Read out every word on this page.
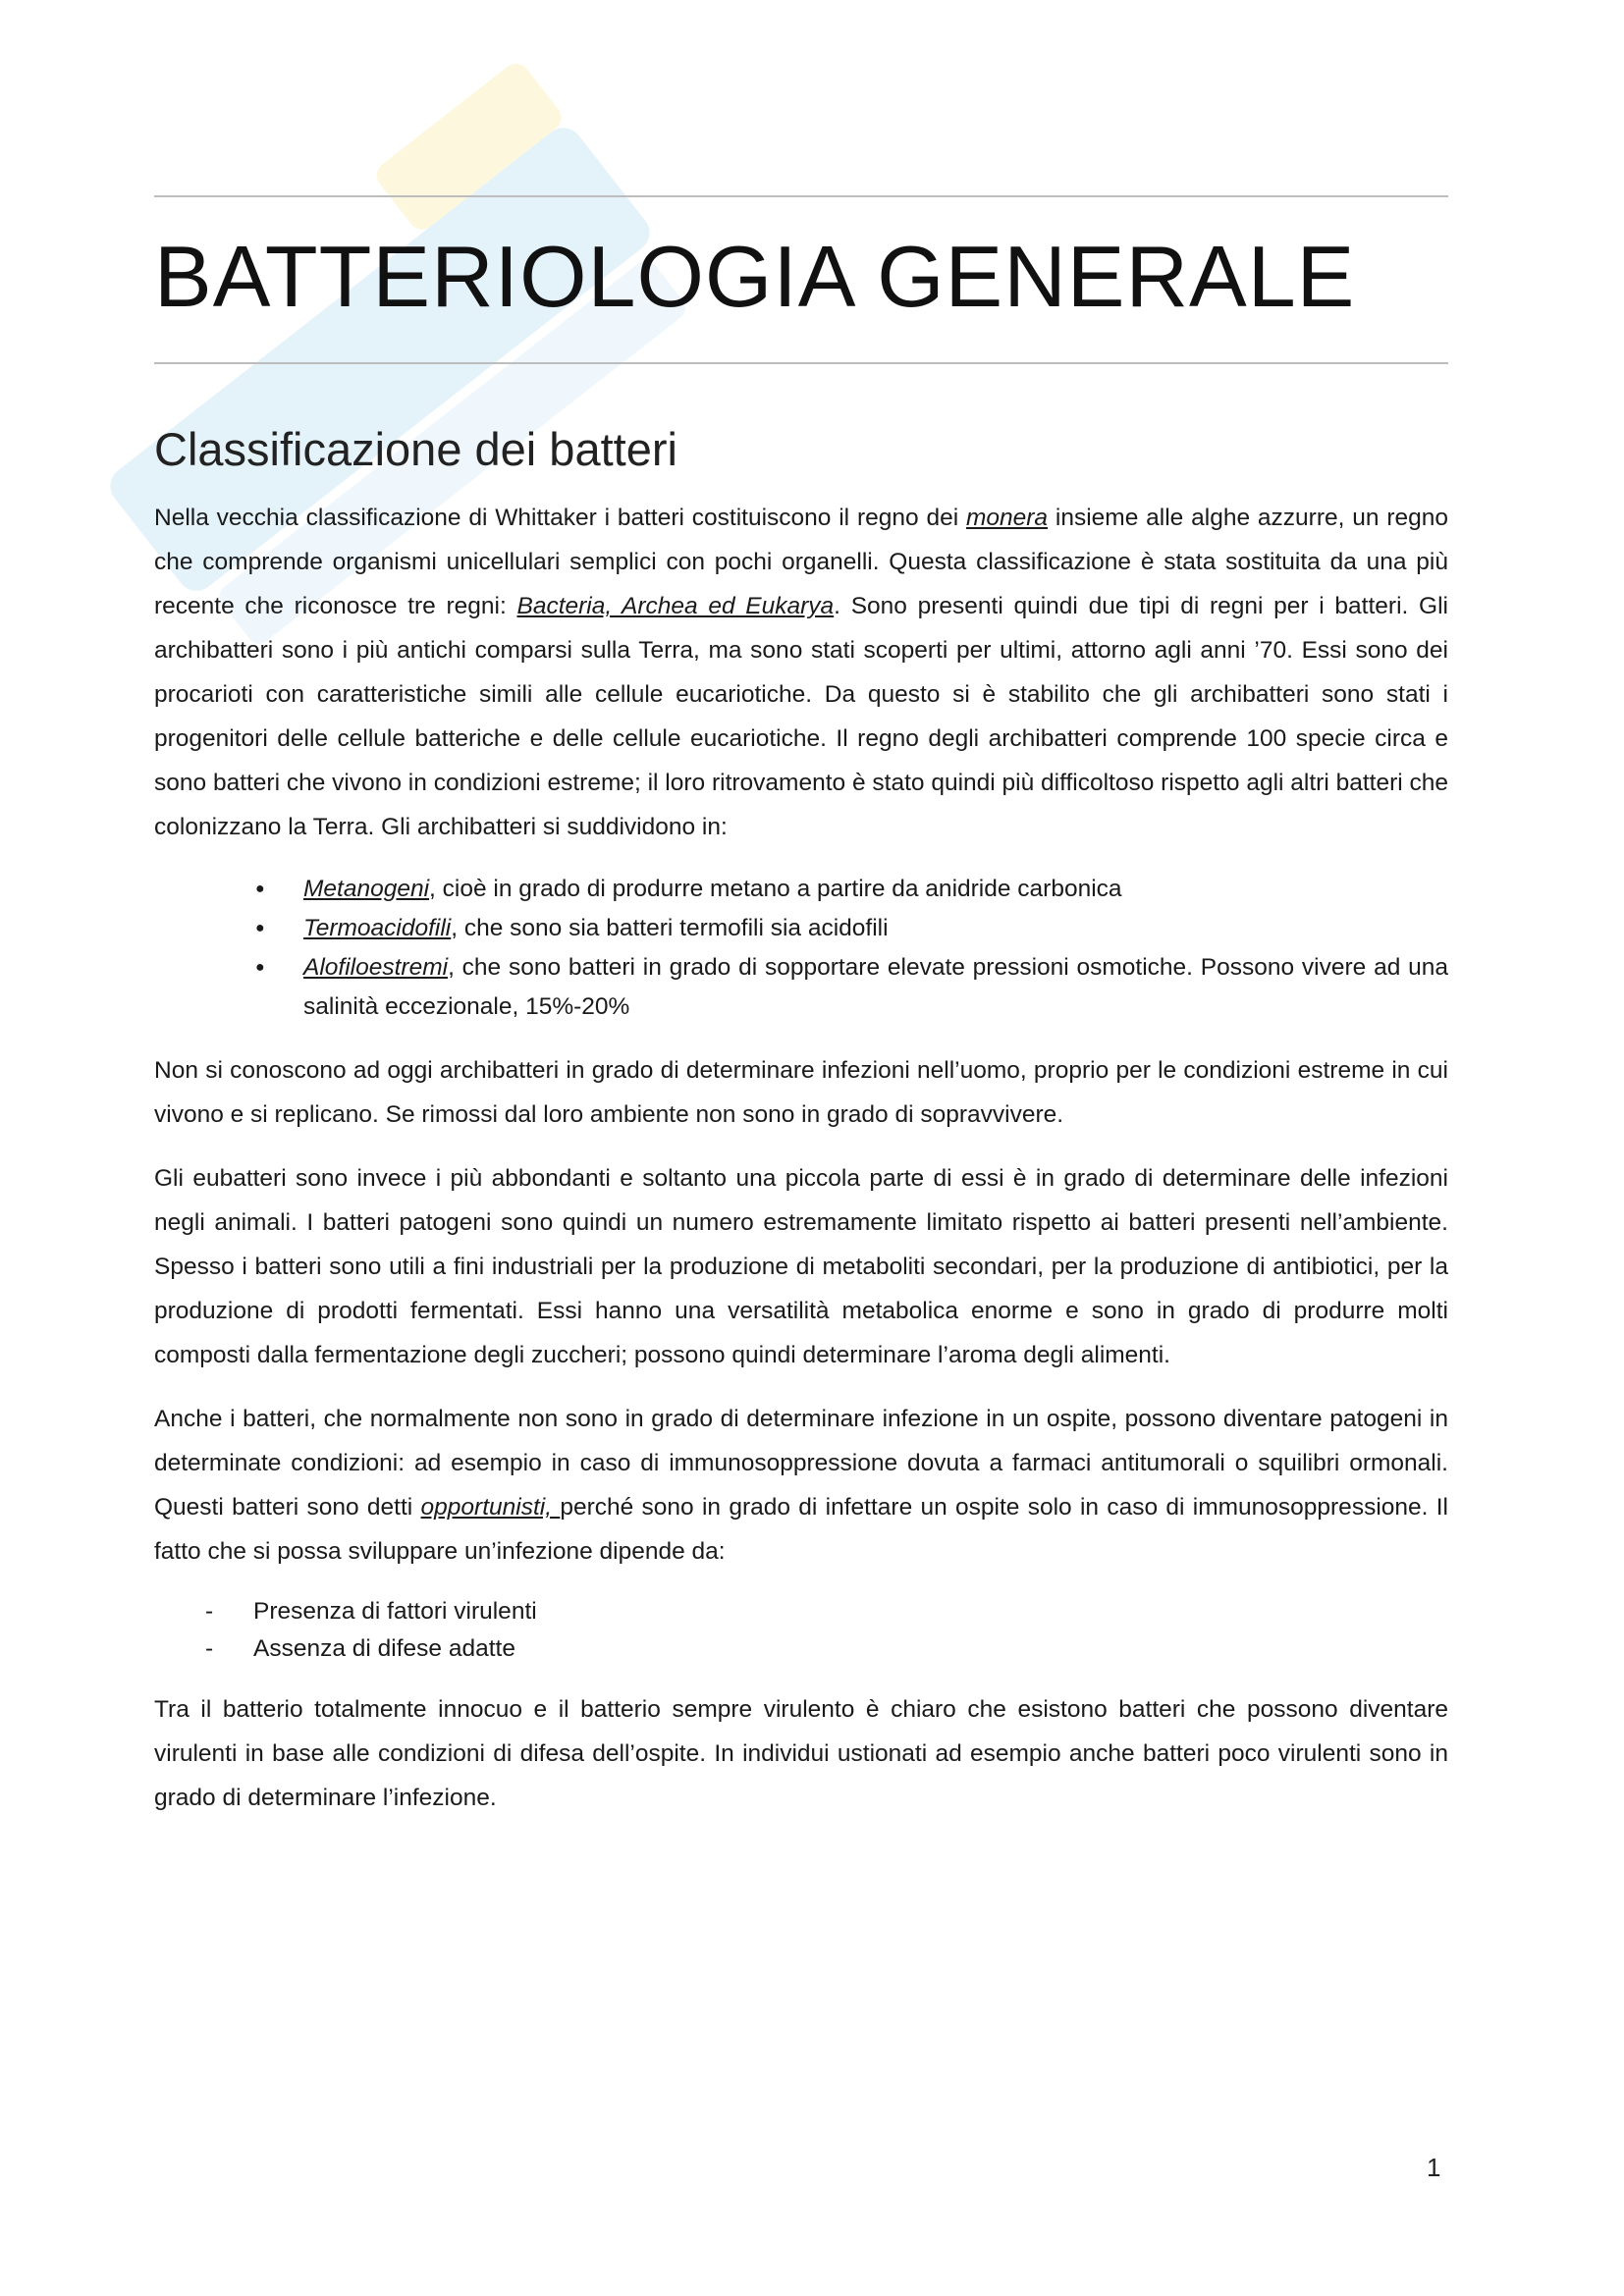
BATTERIOLOGIA GENERALE
Classificazione dei batteri

Nella vecchia classificazione di Whittaker i batteri costituiscono il regno dei monera insieme alle alghe azzurre, un regno che comprende organismi unicellulari semplici con pochi organelli. Questa classificazione è stata sostituita da una più recente che riconosce tre regni: Bacteria, Archea ed Eukarya. Sono presenti quindi due tipi di regni per i batteri. Gli archibatteri sono i più antichi comparsi sulla Terra, ma sono stati scoperti per ultimi, attorno agli anni ’70. Essi sono dei procarioti con caratteristiche simili alle cellule eucariotiche. Da questo si è stabilito che gli archibatteri sono stati i progenitori delle cellule batteriche e delle cellule eucariotiche. Il regno degli archibatteri comprende 100 specie circa e sono batteri che vivono in condizioni estreme; il loro ritrovamento è stato quindi più difficoltoso rispetto agli altri batteri che colonizzano la Terra. Gli archibatteri si suddividono in:

● Metanogeni, cioè in grado di produrre metano a partire da anidride carbonica
● Termoacidofili, che sono sia batteri termofili sia acidofili
● Alofiloestremi, che sono batteri in grado di sopportare elevate pressioni osmotiche. Possono vivere ad una salinità eccezionale, 15%-20%

Non si conoscono ad oggi archibatteri in grado di determinare infezioni nell’uomo, proprio per le condizioni estreme in cui vivono e si replicano. Se rimossi dal loro ambiente non sono in grado di sopravvivere.

Gli eubatteri sono invece i più abbondanti e soltanto una piccola parte di essi è in grado di determinare delle infezioni negli animali. I batteri patogeni sono quindi un numero estremamente limitato rispetto ai batteri presenti nell’ambiente. Spesso i batteri sono utili a fini industriali per la produzione di metaboliti secondari, per la produzione di antibiotici, per la produzione di prodotti fermentati. Essi hanno una versatilità metabolica enorme e sono in grado di produrre molti composti dalla fermentazione degli zuccheri; possono quindi determinare l’aroma degli alimenti.

Anche i batteri, che normalmente non sono in grado di determinare infezione in un ospite, possono diventare patogeni in determinate condizioni: ad esempio in caso di immunosoppressione dovuta a farmaci antitumorali o squilibri ormonali. Questi batteri sono detti opportunisti, perché sono in grado di infettare un ospite solo in caso di immunosoppressione. Il fatto che si possa sviluppare un’infezione dipende da:

- Presenza di fattori virulenti
- Assenza di difese adatte

Tra il batterio totalmente innocuo e il batterio sempre virulento è chiaro che esistono batteri che possono diventare virulenti in base alle condizioni di difesa dell’ospite. In individui ustionati ad esempio anche batteri poco virulenti sono in grado di determinare l’infezione.

1
